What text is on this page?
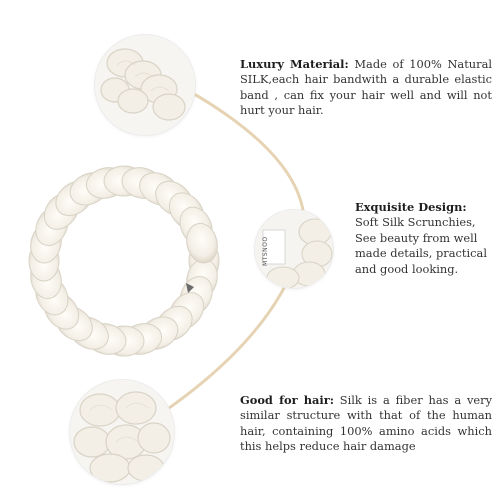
MTSNOO
Luxury Material: Made of 100% Natural SILK,each hair bandwith a durable elastic band , can fix your hair well and will not hurt your hair.
Exquisite Design:
Soft Silk Scrunchies, See beauty from well made details, practical and good looking.
Good for hair: Silk is a fiber has a very similar structure with that of the human hair, containing 100% amino acids which this helps reduce hair damage
